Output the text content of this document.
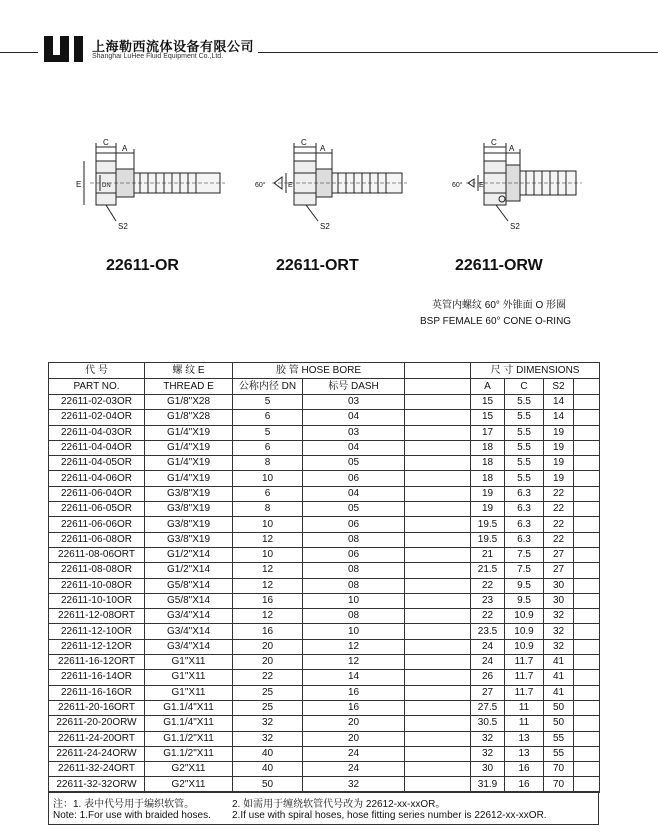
上海勒西流体设备有限公司
Shanghai LuHee Fluid Equipment Co.,Ltd.
C
A
E	DN
S2
22611-OR
C
A
60°	E
S2
22611-ORT
C
A
60° E
S2
22611-ORW
英管内螺纹 60° 外锥面 O 形圈
BSP FEMALE 60° CONE O-RING
代 号	螺 纹 E	胶 管 HOSE BORE			尺 寸 DIMENSIONS			
PART NO.	THREAD E	公称内径 DN	标号 DASH		A	C	S2	
22611-02-03OR	G1/8"X28	5	03		15	5.5	14	
22611-02-04OR	G1/8"X28	6	04		15	5.5	14	
22611-04-03OR	G1/4"X19	5	03		17	5.5	19	
22611-04-04OR	G1/4"X19	6	04		18	5.5	19	
22611-04-05OR	G1/4"X19	8	05		18	5.5	19	
22611-04-06OR	G1/4"X19	10	06		18	5.5	19	
22611-06-04OR	G3/8"X19	6	04		19	6.3	22	
22611-06-05OR	G3/8"X19	8	05		19	6.3	22	
22611-06-06OR	G3/8"X19	10	06		19.5	6.3	22	
22611-06-08OR	G3/8"X19	12	08		19.5	6.3	22	
22611-08-06ORT	G1/2"X14	10	06		21	7.5	27	
22611-08-08OR	G1/2"X14	12	08		21.5	7.5	27	
22611-10-08OR	G5/8"X14	12	08		22	9.5	30	
22611-10-10OR	G5/8"X14	16	10		23	9.5	30	
22611-12-08ORT	G3/4"X14	12	08		22	10.9	32	
22611-12-10OR	G3/4"X14	16	10		23.5	10.9	32	
22611-12-12OR	G3/4"X14	20	12		24	10.9	32	
22611-16-12ORT	G1"X11	20	12		24	11.7	41	
22611-16-14OR	G1"X11	22	14		26	11.7	41	
22611-16-16OR	G1"X11	25	16		27	11.7	41	
22611-20-16ORT	G1.1/4"X11	25	16		27.5	11	50	
22611-20-20ORW	G1.1/4"X11	32	20		30.5	11	50	
22611-24-20ORT	G1.1/2"X11	32	20		32	13	55	
22611-24-24ORW	G1.1/2"X11	40	24		32	13	55	
22611-32-24ORT	G2"X11	40	24		30	16	70	
22611-32-32ORW	G2"X11	50	32		31.9	16	70	
注：1. 表中代号用于编织软管。	2. 如需用于缠绕软管代号改为 22612-xx-xxOR。
Note: 1.For use with braided hoses. 2.If use with spiral hoses, hose fitting series number is 22612-xx-xxOR.
